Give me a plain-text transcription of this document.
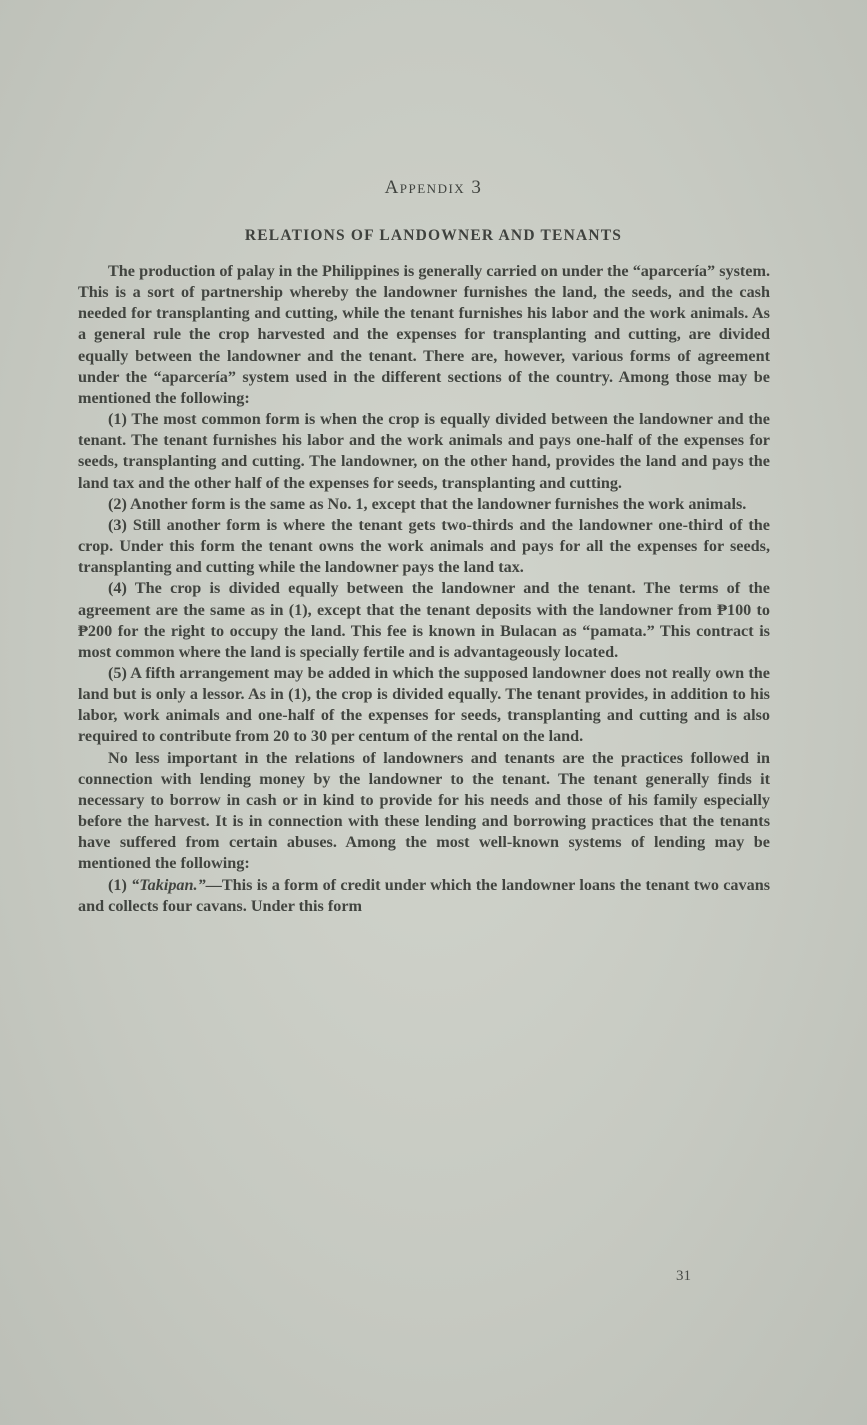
Appendix 3
RELATIONS OF LANDOWNER AND TENANTS

The production of palay in the Philippines is generally carried on under the “aparcería” system. This is a sort of partnership whereby the landowner furnishes the land, the seeds, and the cash needed for transplanting and cutting, while the tenant furnishes his labor and the work animals. As a general rule the crop harvested and the expenses for transplanting and cutting, are divided equally between the landowner and the tenant. There are, however, various forms of agreement under the “aparcería” system used in the different sections of the country. Among those may be mentioned the following:

(1) The most common form is when the crop is equally divided between the landowner and the tenant. The tenant furnishes his labor and the work animals and pays one-half of the expenses for seeds, transplanting and cutting. The landowner, on the other hand, provides the land and pays the land tax and the other half of the expenses for seeds, transplanting and cutting.

(2) Another form is the same as No. 1, except that the landowner furnishes the work animals.

(3) Still another form is where the tenant gets two-thirds and the landowner one-third of the crop. Under this form the tenant owns the work animals and pays for all the expenses for seeds, transplanting and cutting while the landowner pays the land tax.

(4) The crop is divided equally between the landowner and the tenant. The terms of the agreement are the same as in (1), except that the tenant deposits with the landowner from ₱100 to ₱200 for the right to occupy the land. This fee is known in Bulacan as “pamata.” This contract is most common where the land is specially fertile and is advantageously located.

(5) A fifth arrangement may be added in which the supposed landowner does not really own the land but is only a lessor. As in (1), the crop is divided equally. The tenant provides, in addition to his labor, work animals and one-half of the expenses for seeds, transplanting and cutting and is also required to contribute from 20 to 30 per centum of the rental on the land.

No less important in the relations of landowners and tenants are the practices followed in connection with lending money by the landowner to the tenant. The tenant generally finds it necessary to borrow in cash or in kind to provide for his needs and those of his family especially before the harvest. It is in connection with these lending and borrowing practices that the tenants have suffered from certain abuses. Among the most well-known systems of lending may be mentioned the following:

(1) “Takipan.”—This is a form of credit under which the landowner loans the tenant two cavans and collects four cavans. Under this form

31
